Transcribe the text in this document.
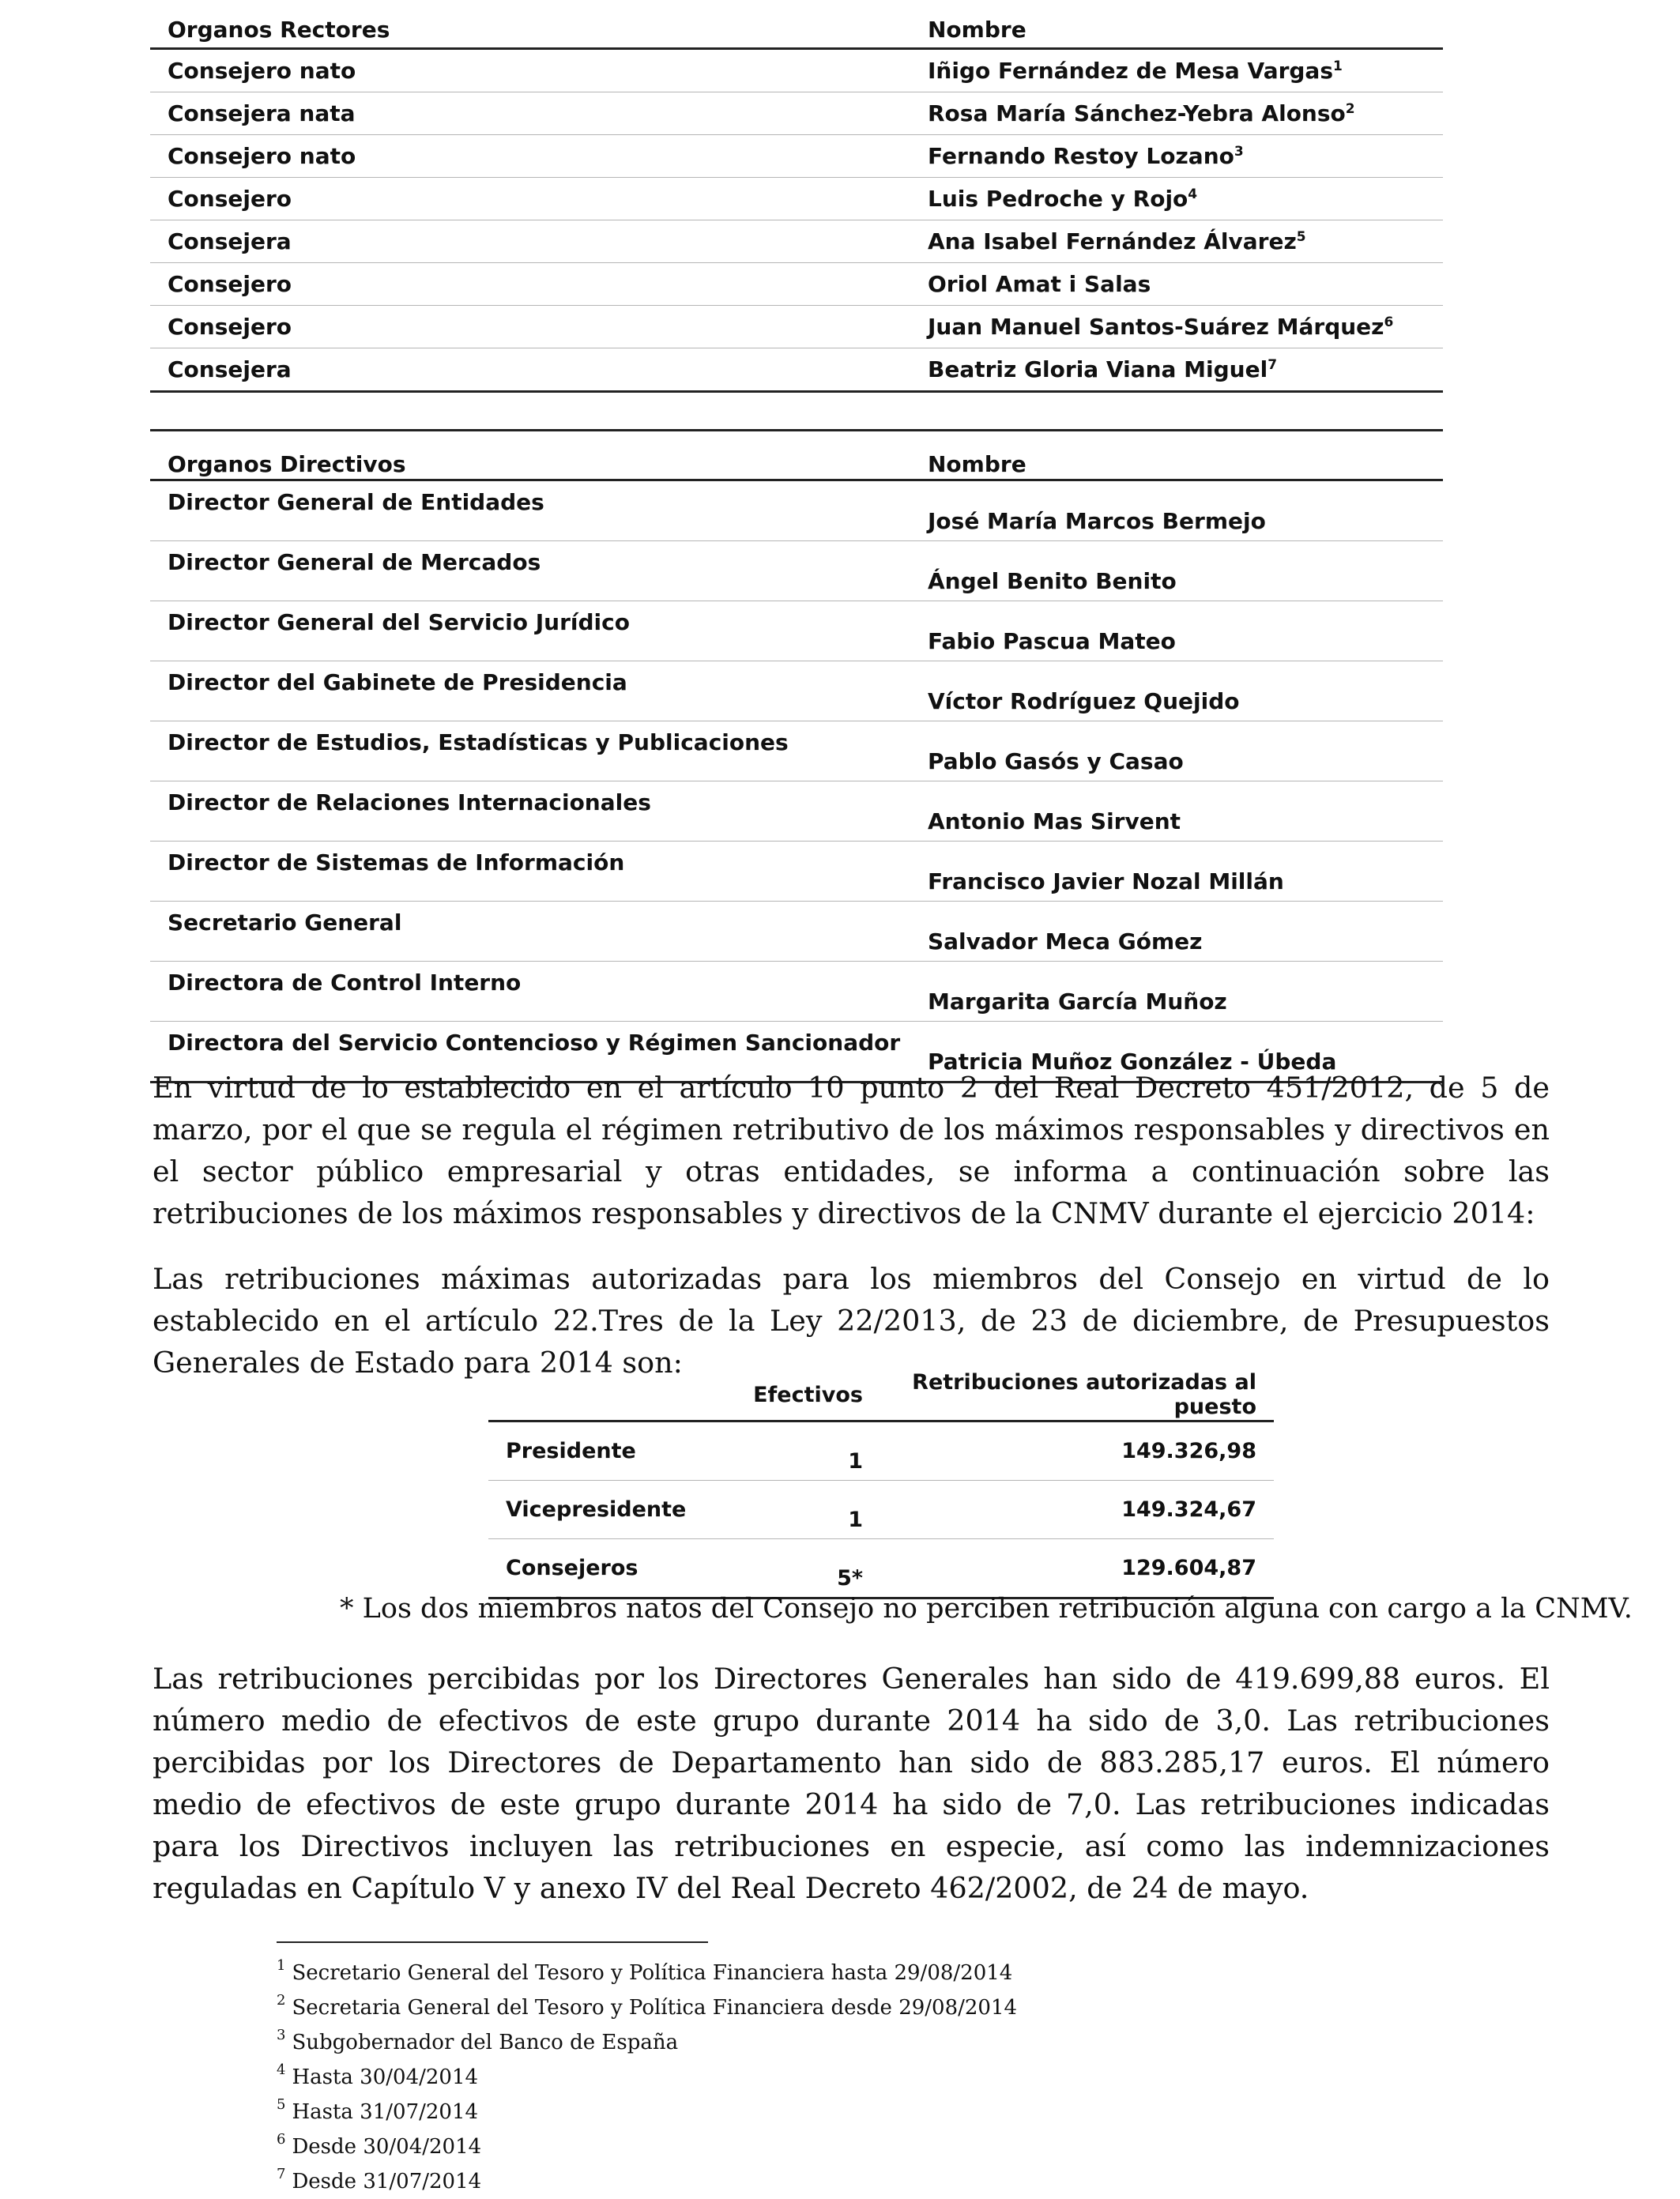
Organos Rectores	Nombre
Consejero nato	Iñigo Fernández de Mesa Vargas$^1$
Consejera nata	Rosa María Sánchez-Yebra Alonso$^2$
Consejero nato	Fernando Restoy Lozano$^3$
Consejero	Luis Pedroche y Rojo$^4$
Consejera	Ana Isabel Fernández Álvarez$^5$
Consejero	Oriol Amat i Salas
Consejero	Juan Manuel Santos-Suárez Márquez$^6$
Consejera	Beatriz Gloria Viana Miguel$^7$
Organos Directivos	Nombre
Director General de Entidades	José María Marcos Bermejo
Director General de Mercados	Ángel Benito Benito
Director General del Servicio Jurídico	Fabio Pascua Mateo
Director del Gabinete de Presidencia	Víctor Rodríguez Quejido
Director de Estudios, Estadísticas y Publicaciones	Pablo Gasós y Casao
Director de Relaciones Internacionales	Antonio Mas Sirvent
Director de Sistemas de Información	Francisco Javier Nozal Millán
Secretario General	Salvador Meca Gómez
Directora de Control Interno	Margarita García Muñoz
Directora del Servicio Contencioso y Régimen Sancionador	Patricia Muñoz González - Úbeda

En virtud de lo establecido en el artículo 10 punto 2 del Real Decreto 451/2012, de 5 de marzo, por el que se regula el régimen retributivo de los máximos responsables y directivos en el sector público empresarial y otras entidades, se informa a continuación sobre las retribuciones de los máximos responsables y directivos de la CNMV durante el ejercicio 2014:

Las retribuciones máximas autorizadas para los miembros del Consejo en virtud de lo establecido en el artículo 22.Tres de la Ley 22/2013, de 23 de diciembre, de Presupuestos Generales de Estado para 2014 son:

	Efectivos	Retribuciones autorizadas al puesto
Presidente	1	149.326,98
Vicepresidente	1	149.324,67
Consejeros	5*	129.604,87

* Los dos miembros natos del Consejo no perciben retribución alguna con cargo a la CNMV.

Las retribuciones percibidas por los Directores Generales han sido de 419.699,88 euros. El número medio de efectivos de este grupo durante 2014 ha sido de 3,0. Las retribuciones percibidas por los Directores de Departamento han sido de 883.285,17 euros. El número medio de efectivos de este grupo durante 2014 ha sido de 7,0. Las retribuciones indicadas para los Directivos incluyen las retribuciones en especie, así como las indemnizaciones reguladas en Capítulo V y anexo IV del Real Decreto 462/2002, de 24 de mayo.

$^1$ Secretario General del Tesoro y Política Financiera hasta 29/08/2014
$^2$ Secretaria General del Tesoro y Política Financiera desde 29/08/2014
$^3$ Subgobernador del Banco de España
$^4$ Hasta 30/04/2014
$^5$ Hasta 31/07/2014
$^6$ Desde 30/04/2014
$^7$ Desde 31/07/2014
